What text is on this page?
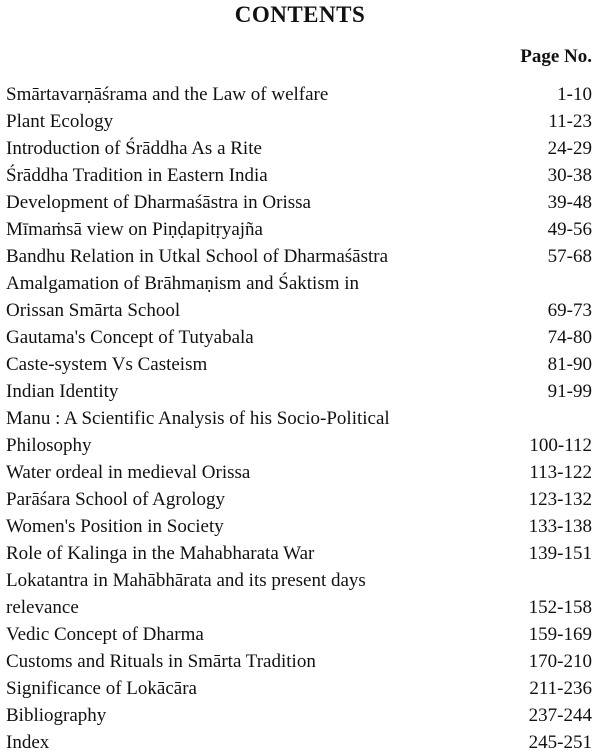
CONTENTS
Page No.
Smārtavarṇāśrama and the Law of welfare	1-10
Plant Ecology	11-23
Introduction of Śrāddha As a Rite	24-29
Śrāddha Tradition in Eastern India	30-38
Development of Dharmaśāstra in Orissa	39-48
Mīmaṁsā view on Piṇḍapitṛyajña	49-56
Bandhu Relation in Utkal School of Dharmaśāstra	57-68
Amalgamation of Brāhmaṇism and Śaktism in
Orissan Smārta School	69-73
Gautama's Concept of Tutyabala	74-80
Caste-system Vs Casteism	81-90
Indian Identity	91-99
Manu : A Scientific Analysis of his Socio-Political
Philosophy	100-112
Water ordeal in medieval Orissa	113-122
Parāśara School of Agrology	123-132
Women's Position in Society	133-138
Role of Kalinga in the Mahabharata War	139-151
Lokatantra in Mahābhārata and its present days
relevance	152-158
Vedic Concept of Dharma	159-169
Customs and Rituals in Smārta Tradition	170-210
Significance of Lokācāra	211-236
Bibliography	237-244
Index	245-251
